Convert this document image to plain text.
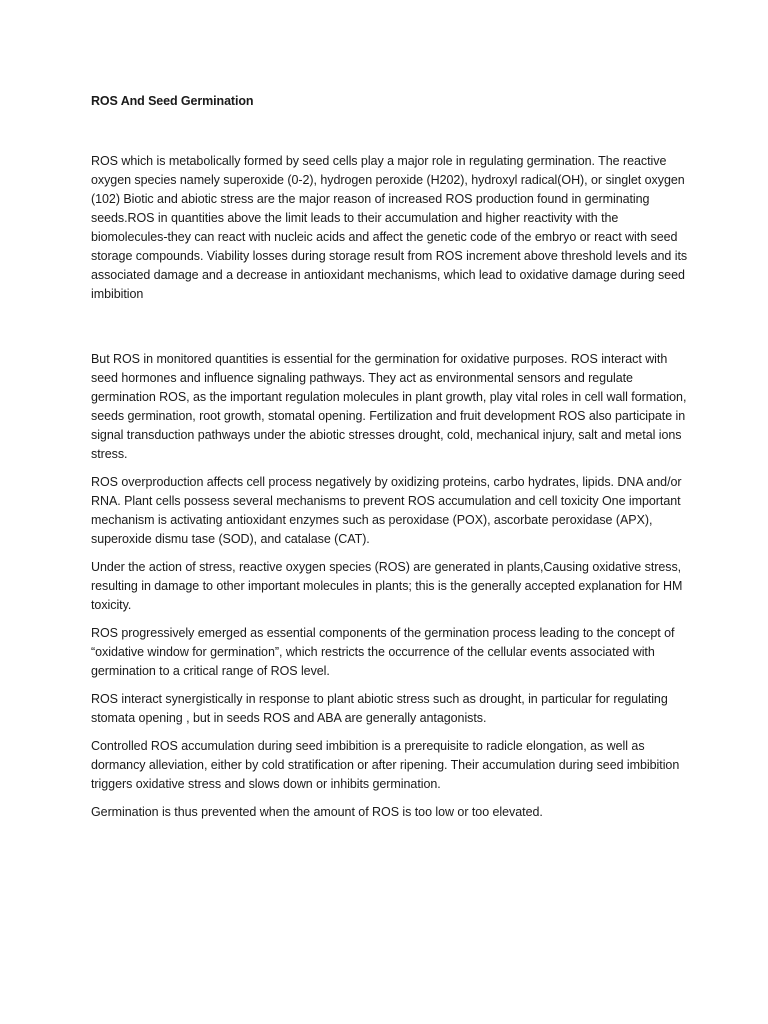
ROS And Seed Germination

ROS which is metabolically formed by seed cells play a major role in regulating germination. The reactive oxygen species namely superoxide (0-2), hydrogen peroxide (H202), hydroxyl radical(OH), or singlet oxygen (102) Biotic and abiotic stress are the major reason of increased ROS production found in germinating seeds.ROS in quantities above the limit leads to their accumulation and higher reactivity with the biomolecules-they can react with nucleic acids and affect the genetic code of the embryo or react with seed storage compounds. Viability losses during storage result from ROS increment above threshold levels and its associated damage and a decrease in antioxidant mechanisms, which lead to oxidative damage during seed imbibition

But ROS in monitored quantities is essential for the germination for oxidative purposes. ROS interact with seed hormones and influence signaling pathways. They act as environmental sensors and regulate germination ROS, as the important regulation molecules in plant growth, play vital roles in cell wall formation, seeds germination, root growth, stomatal opening. Fertilization and fruit development ROS also participate in signal transduction pathways under the abiotic stresses drought, cold, mechanical injury, salt and metal ions stress.

ROS overproduction affects cell process negatively by oxidizing proteins, carbo hydrates, lipids. DNA and/or RNA. Plant cells possess several mechanisms to prevent ROS accumulation and cell toxicity One important mechanism is activating antioxidant enzymes such as peroxidase (POX), ascorbate peroxidase (APX), superoxide dismu tase (SOD), and catalase (CAT).

Under the action of stress, reactive oxygen species (ROS) are generated in plants,Causing oxidative stress, resulting in damage to other important molecules in plants; this is the generally accepted explanation for HM toxicity.

ROS progressively emerged as essential components of the germination process leading to the concept of “oxidative window for germination”, which restricts the occurrence of the cellular events associated with germination to a critical range of ROS level.

ROS interact synergistically in response to plant abiotic stress such as drought, in particular for regulating stomata opening , but in seeds ROS and ABA are generally antagonists.

Controlled ROS accumulation during seed imbibition is a prerequisite to radicle elongation, as well as dormancy alleviation, either by cold stratification or after ripening. Their accumulation during seed imbibition triggers oxidative stress and slows down or inhibits germination.

Germination is thus prevented when the amount of ROS is too low or too elevated.
